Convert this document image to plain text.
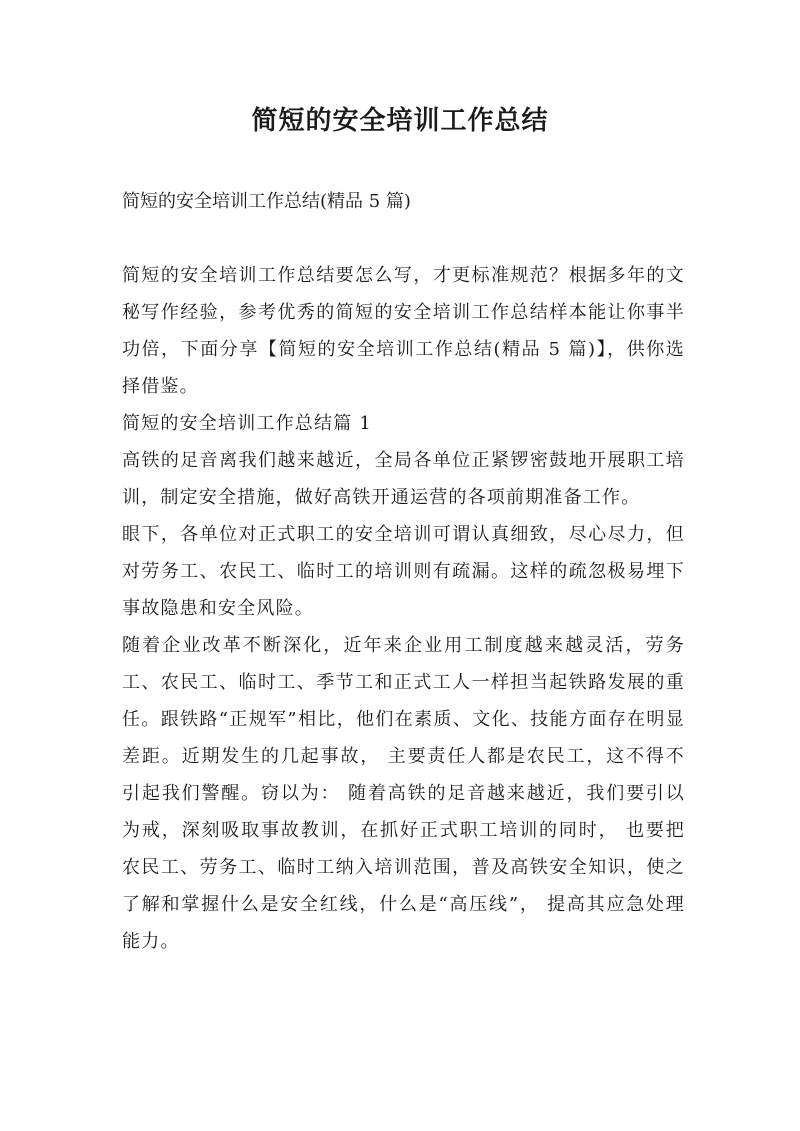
简短的安全培训工作总结

简短的安全培训工作总结(精品 5 篇)

简短的安全培训工作总结要怎么写，才更标准规范？根据多年的文秘写作经验，参考优秀的简短的安全培训工作总结样本能让你事半功倍，下面分享【简短的安全培训工作总结(精品 5 篇)】，供你选择借鉴。

简短的安全培训工作总结篇 1

高铁的足音离我们越来越近，全局各单位正紧锣密鼓地开展职工培训，制定安全措施，做好高铁开通运营的各项前期准备工作。

眼下，各单位对正式职工的安全培训可谓认真细致，尽心尽力，但对劳务工、农民工、临时工的培训则有疏漏。这样的疏忽极易埋下事故隐患和安全风险。

随着企业改革不断深化，近年来企业用工制度越来越灵活，劳务工、农民工、临时工、季节工和正式工人一样担当起铁路发展的重任。跟铁路“正规军”相比，他们在素质、文化、技能方面存在明显差距。近期发生的几起事故， 主要责任人都是农民工，这不得不引起我们警醒。窃以为： 随着高铁的足音越来越近，我们要引以为戒，深刻吸取事故教训，在抓好正式职工培训的同时， 也要把农民工、劳务工、临时工纳入培训范围，普及高铁安全知识，使之了解和掌握什么是安全红线，什么是“高压线”， 提高其应急处理能力。
